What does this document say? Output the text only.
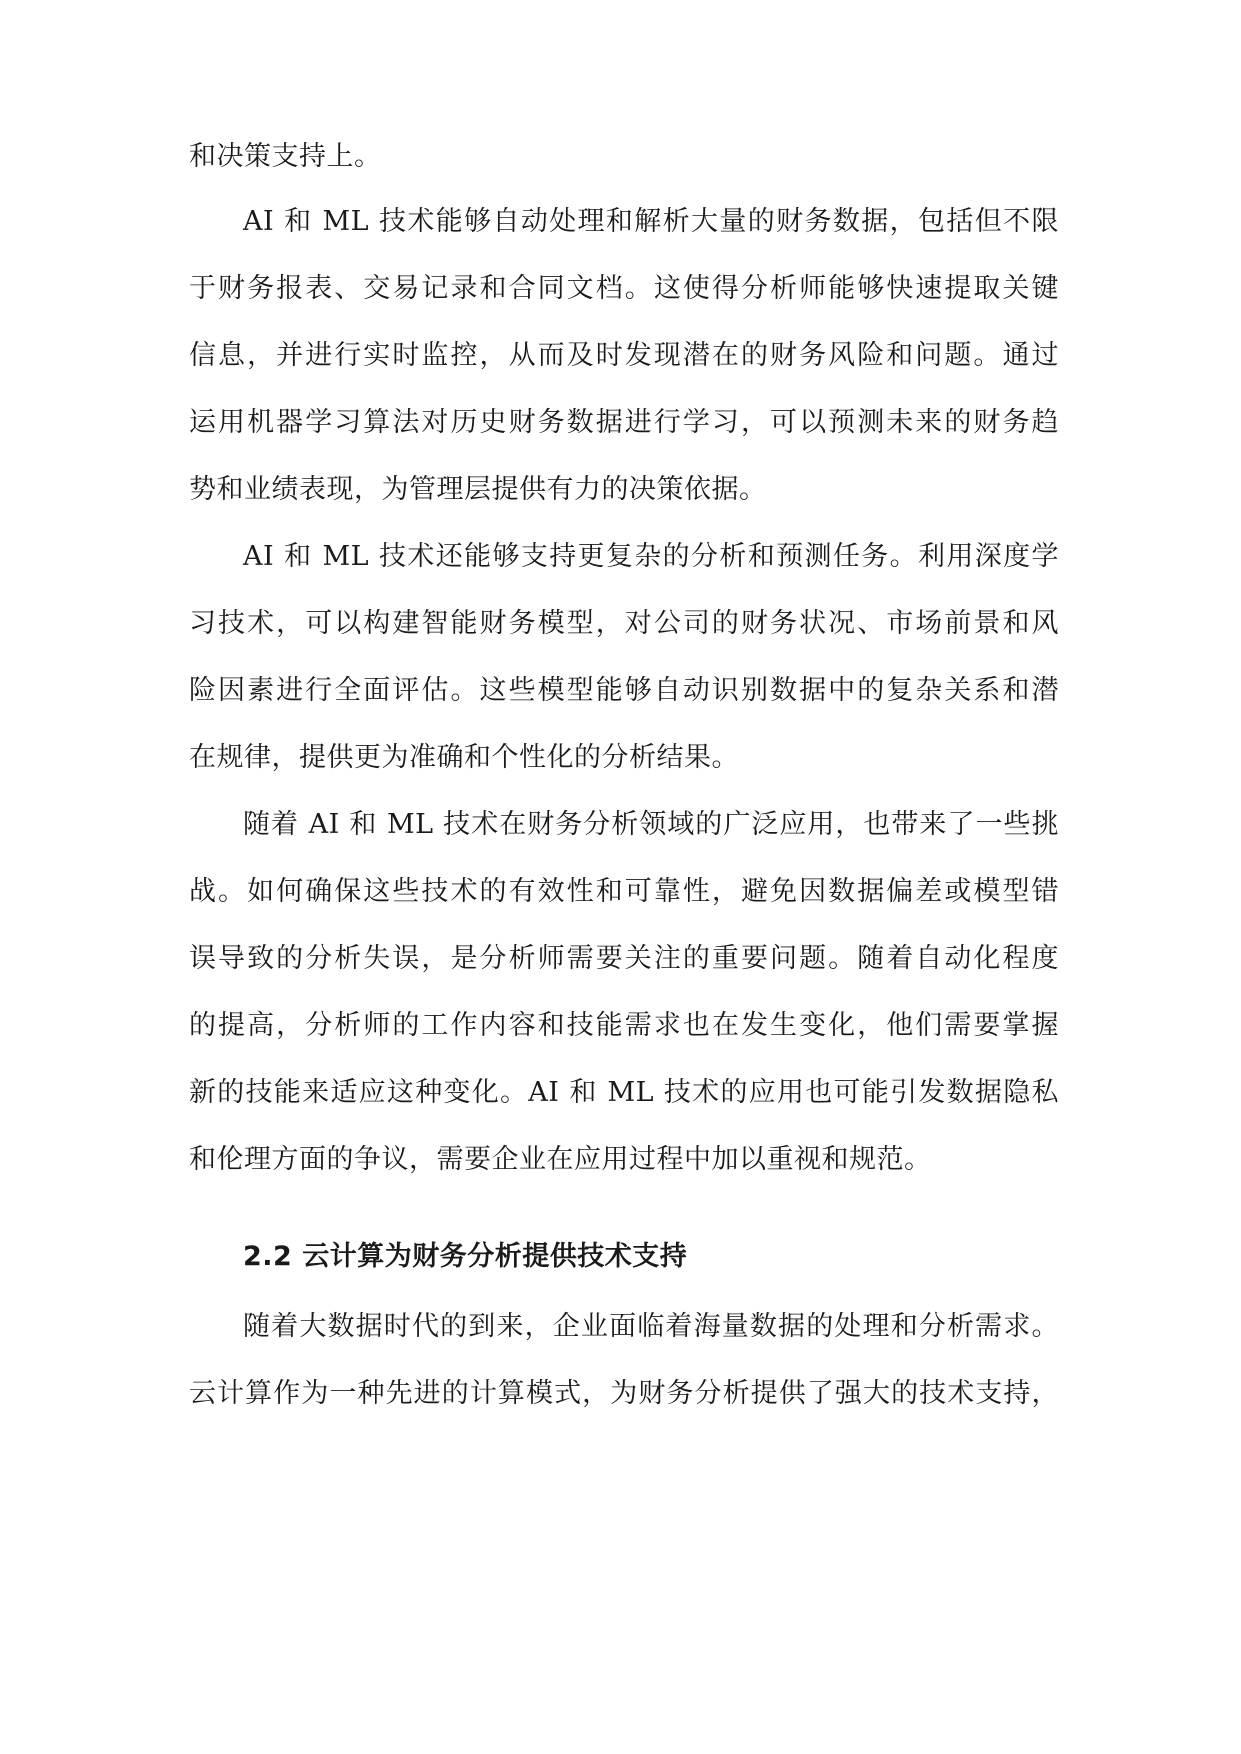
和决策支持上。
AI 和 ML 技术能够自动处理和解析大量的财务数据，包括但不限
于财务报表、交易记录和合同文档。这使得分析师能够快速提取关键
信息，并进行实时监控，从而及时发现潜在的财务风险和问题。通过
运用机器学习算法对历史财务数据进行学习，可以预测未来的财务趋
势和业绩表现，为管理层提供有力的决策依据。
AI 和 ML 技术还能够支持更复杂的分析和预测任务。利用深度学
习技术，可以构建智能财务模型，对公司的财务状况、市场前景和风
险因素进行全面评估。这些模型能够自动识别数据中的复杂关系和潜
在规律，提供更为准确和个性化的分析结果。
随着 AI 和 ML 技术在财务分析领域的广泛应用，也带来了一些挑
战。如何确保这些技术的有效性和可靠性，避免因数据偏差或模型错
误导致的分析失误，是分析师需要关注的重要问题。随着自动化程度
的提高，分析师的工作内容和技能需求也在发生变化，他们需要掌握
新的技能来适应这种变化。AI 和 ML 技术的应用也可能引发数据隐私
和伦理方面的争议，需要企业在应用过程中加以重视和规范。
2.2 云计算为财务分析提供技术支持
随着大数据时代的到来，企业面临着海量数据的处理和分析需求。
云计算作为一种先进的计算模式，为财务分析提供了强大的技术支持，
